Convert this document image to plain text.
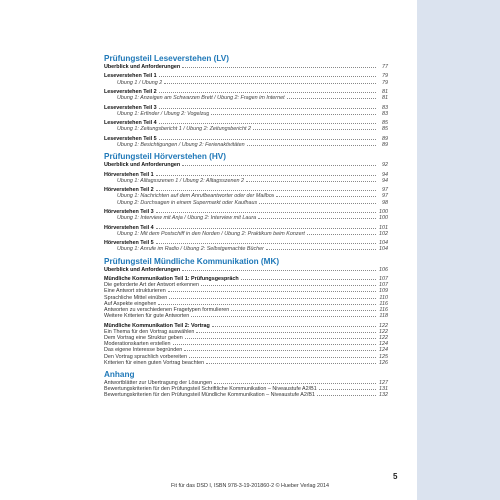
Prüfungsteil Leseverstehen (LV)
Überblick und Anforderungen	77
Leseverstehen Teil 1	79
Übung 1 / Übung 2	79
Leseverstehen Teil 2	81
Übung 1: Anzeigen am Schwarzen Brett / Übung 2: Fragen im Internet	81
Leseverstehen Teil 3	83
Übung 1: Erfinder / Übung 2: Vogelzug	83
Leseverstehen Teil 4	85
Übung 1: Zeitungsbericht 1 / Übung 2: Zeitungsbericht 2	85
Leseverstehen Teil 5	89
Übung 1: Besichtigungen / Übung 2: Ferienaktivitäten	89
Prüfungsteil Hörverstehen (HV)
Überblick und Anforderungen	92
Hörverstehen Teil 1	94
Übung 1: Alltagsszenen 1 / Übung 2: Alltagsszenen 2	94
Hörverstehen Teil 2	97
Übung 1: Nachrichten auf dem Anrufbeantworter oder der Mailbox	97
Übung 2: Durchsagen in einem Supermarkt oder Kaufhaus	98
Hörverstehen Teil 3	100
Übung 1: Interview mit Anja / Übung 2: Interview mit Laura	100
Hörverstehen Teil 4	101
Übung 1: Mit dem Postschiff in den Norden / Übung 2: Praktikum beim Konzert	102
Hörverstehen Teil 5	104
Übung 1: Anrufe im Radio / Übung 2: Selbstgemachte Bücher	104
Prüfungsteil Mündliche Kommunikation (MK)
Überblick und Anforderungen	106
Mündliche Kommunikation Teil 1: Prüfungsgespräch	107
Die geforderte Art der Antwort erkennen	107
Eine Antwort strukturieren	109
Sprachliche Mittel einüben	110
Auf Aspekte eingehen	116
Antworten zu verschiedenen Fragetypen formulieren	116
Weitere Kriterien für gute Antworten	118
Mündliche Kommunikation Teil 2: Vortrag	122
Ein Thema für den Vortrag auswählen	122
Dem Vortrag eine Struktur geben	122
Moderationskarten erstellen	124
Das eigene Interesse begründen	124
Den Vortrag sprachlich vorbereiten	125
Kriterien für einen guten Vortrag beachten	126
Anhang
Antwortblätter zur Übertragung der Lösungen	127
Bewertungskriterien für den Prüfungsteil Schriftliche Kommunikation – Niveaustufe A2/B1	131
Bewertungskriterien für den Prüfungsteil Mündliche Kommunikation – Niveaustufe A2/B1	132
5
Fit für das DSD I, ISBN 978-3-19-201860-2 © Hueber Verlag 2014
